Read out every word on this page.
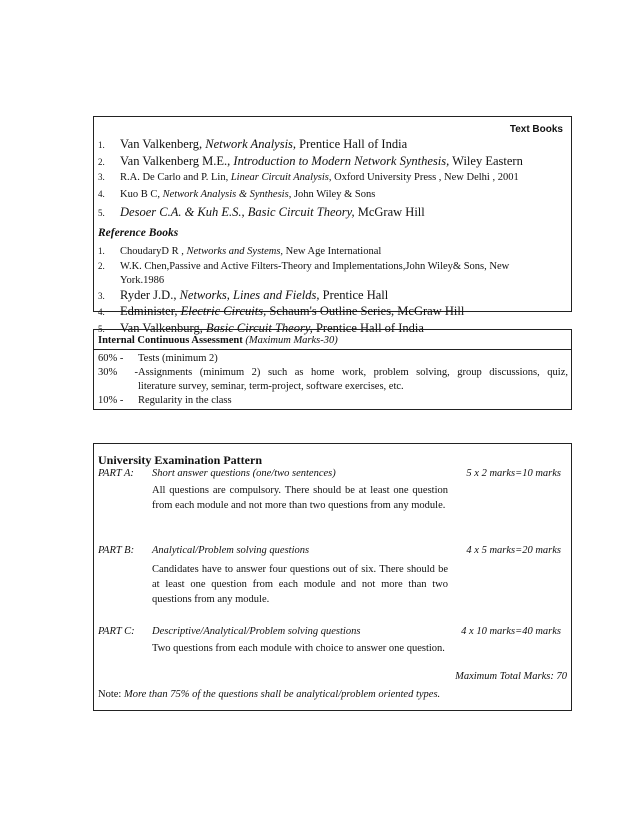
Text Books
1. Van Valkenberg, Network Analysis, Prentice Hall of India
2. Van Valkenberg M.E., Introduction to Modern Network Synthesis, Wiley Eastern
3. R.A. De Carlo and P. Lin, Linear Circuit Analysis, Oxford University Press , New Delhi , 2001
4. Kuo B C, Network Analysis & Synthesis, John Wiley & Sons
5. Desoer C.A. & Kuh E.S., Basic Circuit Theory, McGraw Hill
Reference Books
1. ChoudaryD R , Networks and Systems, New Age International
2. W.K. Chen,Passive and Active Filters-Theory and Implementations,John Wiley& Sons, New
York.1986
3. Ryder J.D., Networks, Lines and Fields, Prentice Hall
4. Edminister, Electric Circuits, Schaum's Outline Series, McGraw Hill
5. Van Valkenburg, Basic Circuit Theory, Prentice Hall of India
Internal Continuous Assessment (Maximum Marks-30)
60% - Tests (minimum 2)
30% -Assignments (minimum 2) such as home work, problem solving, group discussions, quiz,
literature survey, seminar, term-project, software exercises, etc.
10% - Regularity in the class
University Examination Pattern
PART A: Short answer questions (one/two sentences)	5 x 2 marks=10 marks
All questions are compulsory. There should be at least one question from each module and not more than two questions from any module.
PART B: Analytical/Problem solving questions	4 x 5 marks=20 marks
Candidates have to answer four questions out of six. There should be at least one question from each module and not more than two questions from any module.
PART C: Descriptive/Analytical/Problem solving questions	4 x 10 marks=40 marks
Two questions from each module with choice to answer one question.
Maximum Total Marks: 70
Note: More than 75% of the questions shall be analytical/problem oriented types.
